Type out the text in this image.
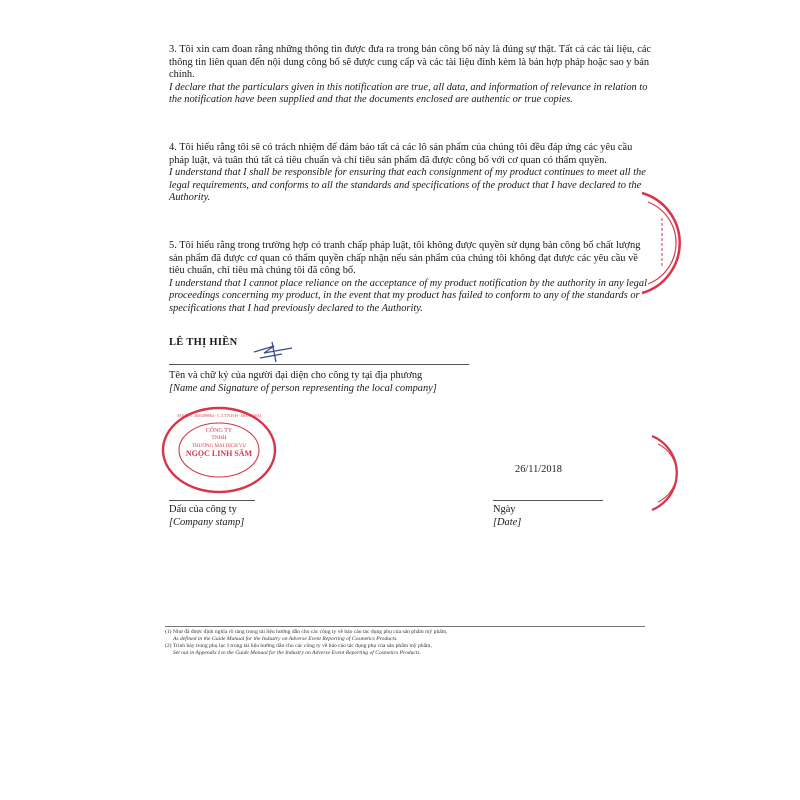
3. Tôi xin cam đoan rằng những thông tin được đưa ra trong bản công bố này là đúng sự thật. Tất cả các tài liệu, các thông tin liên quan đến nội dung công bố sẽ được cung cấp và các tài liệu đính kèm là bản hợp pháp hoặc sao y bản chính.
I declare that the particulars given in this notification are true, all data, and information of relevance in relation to the notification have been supplied and that the documents enclosed are authentic or true copies.
4. Tôi hiểu rằng tôi sẽ có trách nhiệm để đảm bảo tất cả các lô sản phẩm của chúng tôi đều đáp ứng các yêu cầu pháp luật, và tuân thủ tất cả tiêu chuẩn và chỉ tiêu sản phẩm đã được công bố với cơ quan có thẩm quyền.
I understand that I shall be responsible for ensuring that each consignment of my product continues to meet all the legal requirements, and conforms to all the standards and specifications of the product that I have declared to the Authority.
5. Tôi hiểu rằng trong trường hợp có tranh chấp pháp luật, tôi không được quyền sử dụng bản công bố chất lượng sản phẩm đã được cơ quan có thẩm quyền chấp nhận nếu sản phẩm của chúng tôi không đạt được các yêu cầu về tiêu chuẩn, chỉ tiêu mà chúng tôi đã công bố.
I understand that I cannot place reliance on the acceptance of my product notification by the authority in any legal proceedings concerning my product, in the event that my product has failed to conform to any of the standards or specifications that I had previously declared to the Authority.
LÊ THỊ HIỀN
Tên và chữ ký của người đại diện cho công ty tại địa phương
[Name and Signature of person representing the local company]
NGỌC LINH SÂM
THƯƠNG MẠI DỊCH VỤ
TNHH
CÔNG TY
M.S.D.N: 3603498064 - C.T.T.N.H.H - ĐỒNG NAI
26/11/2018
Dấu của công ty
[Company stamp]
Ngày
[Date]
(1) Như đã được định nghĩa rõ ràng trong tài liệu hướng dẫn cho các công ty về báo cáo tác dụng phụ của sản phẩm mỹ phẩm,
As defined in the Guide Manual for the Industry on Adverse Event Reporting of Cosmetics Products.
(2) Trình bày trong phụ lục I trong tài liệu hướng dẫn cho các công ty về báo cáo tác dụng phụ của sản phẩm mỹ phẩm,
Set out in Appendix I to the Guide Manual for the Industry on Adverse Event Reporting of Cosmetics Products.
